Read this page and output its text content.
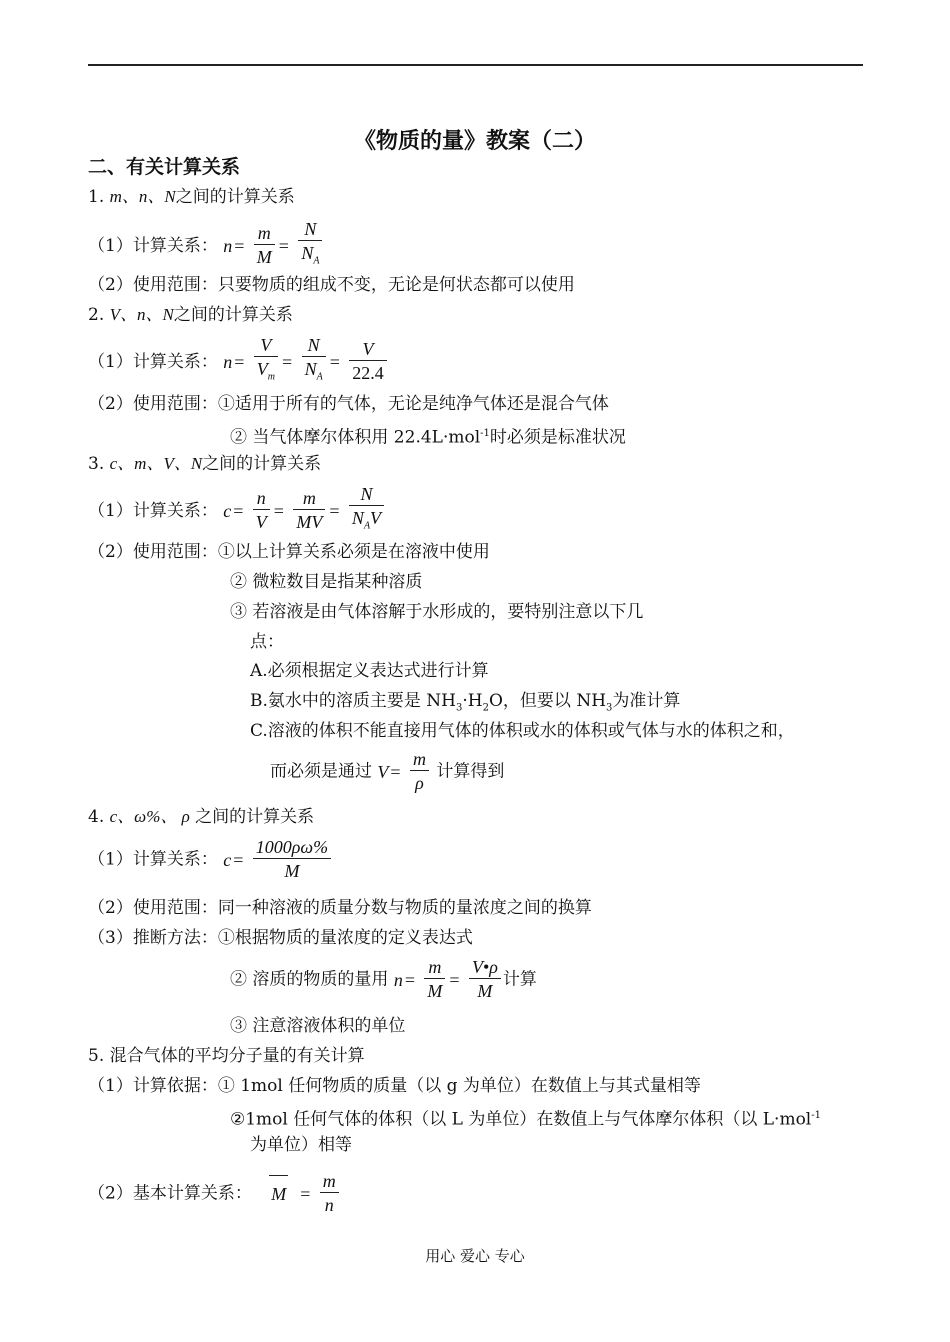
《物质的量》教案（二）
二、有关计算关系
1. m、n、N之间的计算关系
（1）计算关系： $n = \frac{m}{M} = \frac{N}{N_A}$
（2）使用范围：只要物质的组成不变，无论是何状态都可以使用
2. V、n、N之间的计算关系
（1）计算关系： $n = \frac{V}{V_m} = \frac{N}{N_A} = \frac{V}{22.4}$
（2）使用范围：①适用于所有的气体，无论是纯净气体还是混合气体
② 当气体摩尔体积用 22.4L·mol$^{-1}$时必须是标准状况
3. c、m、V、N之间的计算关系
（1）计算关系： $c = \frac{n}{V} = \frac{m}{MV}$ =
N
$N_AV$
（2）使用范围：①以上计算关系必须是在溶液中使用
② 微粒数目是指某种溶质
③ 若溶液是由气体溶解于水形成的，要特别注意以下几
点：
A.必须根据定义表达式进行计算
B.氨水中的溶质主要是 $NH_3\cdot H_2O$，但要以 $NH_3$为准计算
C.溶液的体积不能直接用气体的体积或水的体积或气体与水的体积之和，
而必须是通过 $V = \frac{m}{\rho}$ 计算得到
4. c、ω%、 ρ 之间的计算关系
（1）计算关系： $c = \frac{1000\rho\omega\%}{M}$
（2）使用范围：同一种溶液的质量分数与物质的量浓度之间的换算
（3）推断方法：①根据物质的量浓度的定义表达式
② 溶质的物质的量用 $n = \frac{m}{M} = \frac{V•\rho}{M}$ 计算
③ 注意溶液体积的单位
5. 混合气体的平均分子量的有关计算
（1）计算依据：① 1mol 任何物质的质量（以 g 为单位）在数值上与其式量相等
②1mol 任何气体的体积（以 L 为单位）在数值上与气体摩尔体积（以 L·mol$^{-1}$
为单位）相等
（2）基本计算关系： $M = \frac{m}{n}$
用心 爱心 专心
